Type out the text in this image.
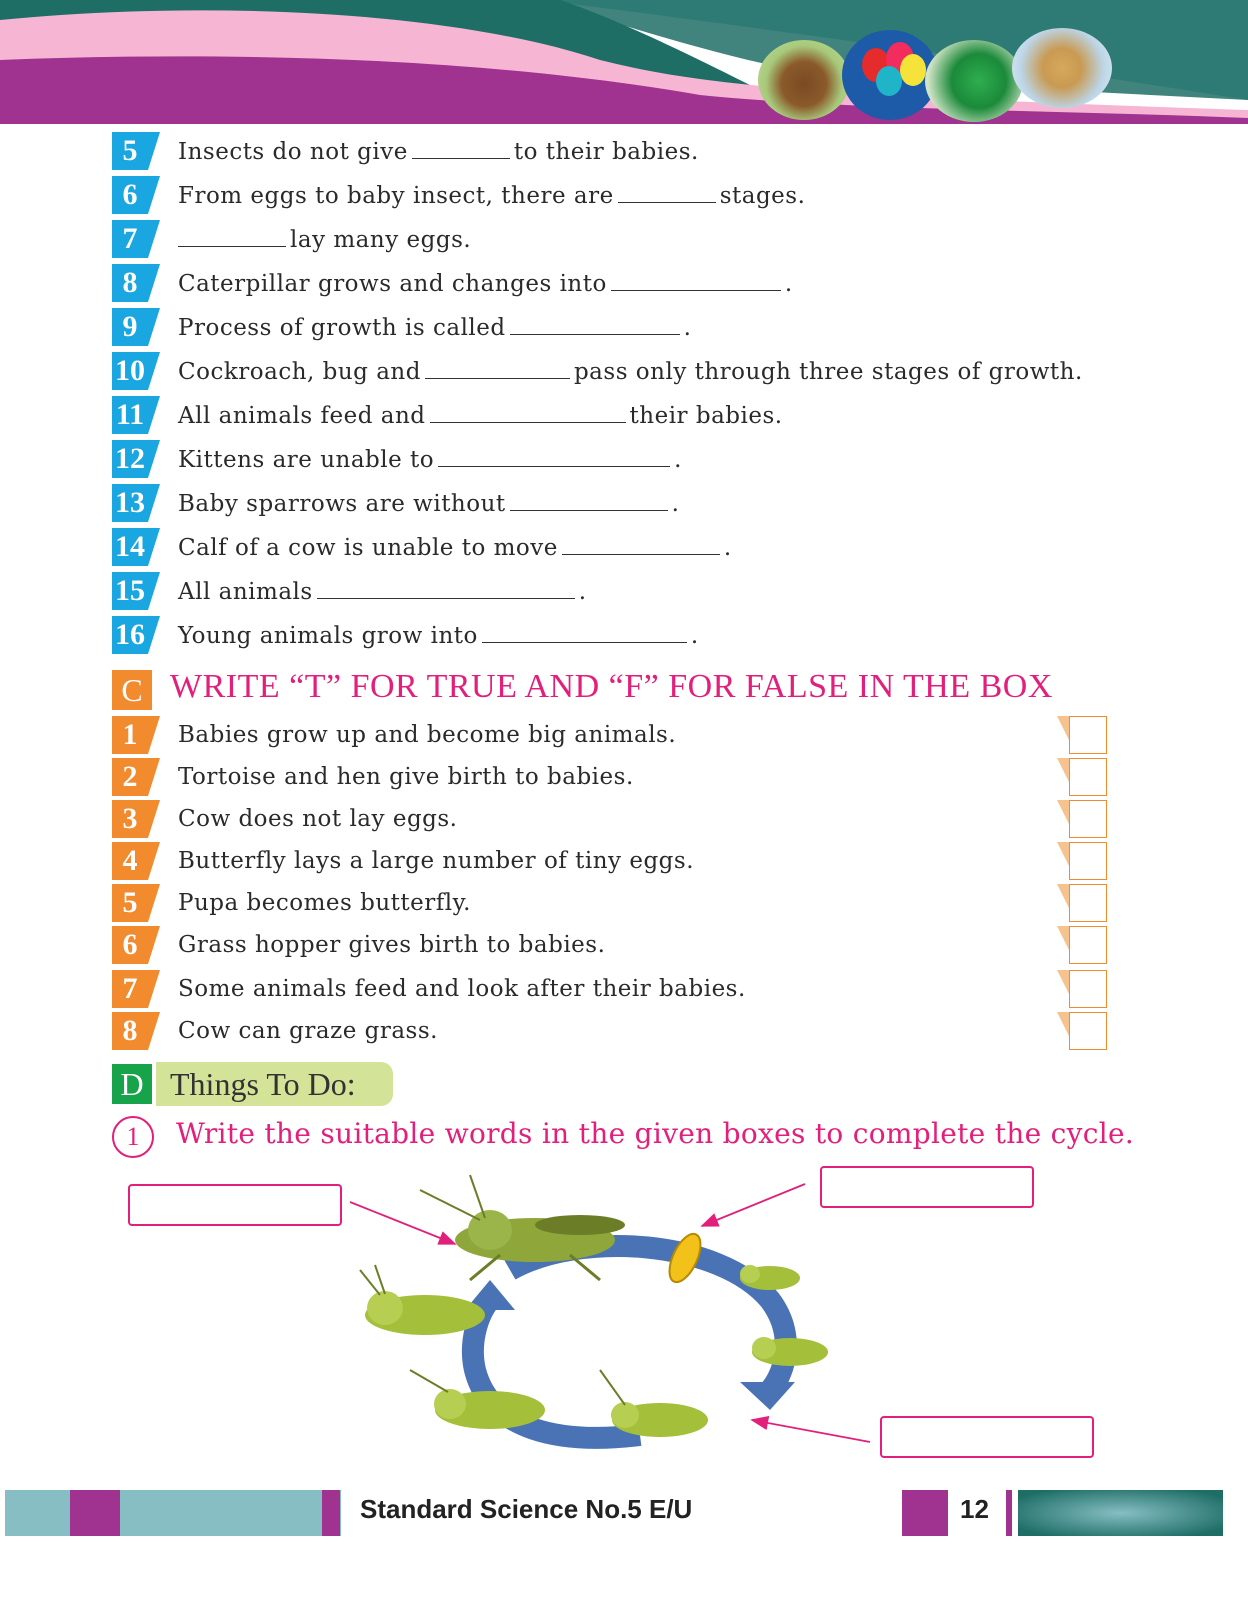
5	Insects do not give	to their babies.
6	From eggs to baby insect, there are	stages.
7	lay many eggs.
8	Caterpillar grows and changes into	.
9	Process of growth is called	.
10 Cockroach, bug and	pass only through three stages of growth.
11 All animals feed and	their babies.
12 Kittens are unable to	.
13 Baby sparrows are without	.
14 Calf of a cow is unable to move	.
15 All animals	.
16 Young animals grow into	.
C WRITE “T” FOR TRUE AND “F” FOR FALSE IN THE BOX
1	Babies grow up and become big animals.
2	Tortoise and hen give birth to babies.
3	Cow does not lay eggs.
4	Butterfly lays a large number of tiny eggs.
5	Pupa becomes butterfly.
6	Grass hopper gives birth to babies.
7	Some animals feed and look after their babies.
8	Cow can graze grass.
D Things To Do:
1	Write the suitable words in the given boxes to complete the cycle.
Standard Science No.5 E/U	12
